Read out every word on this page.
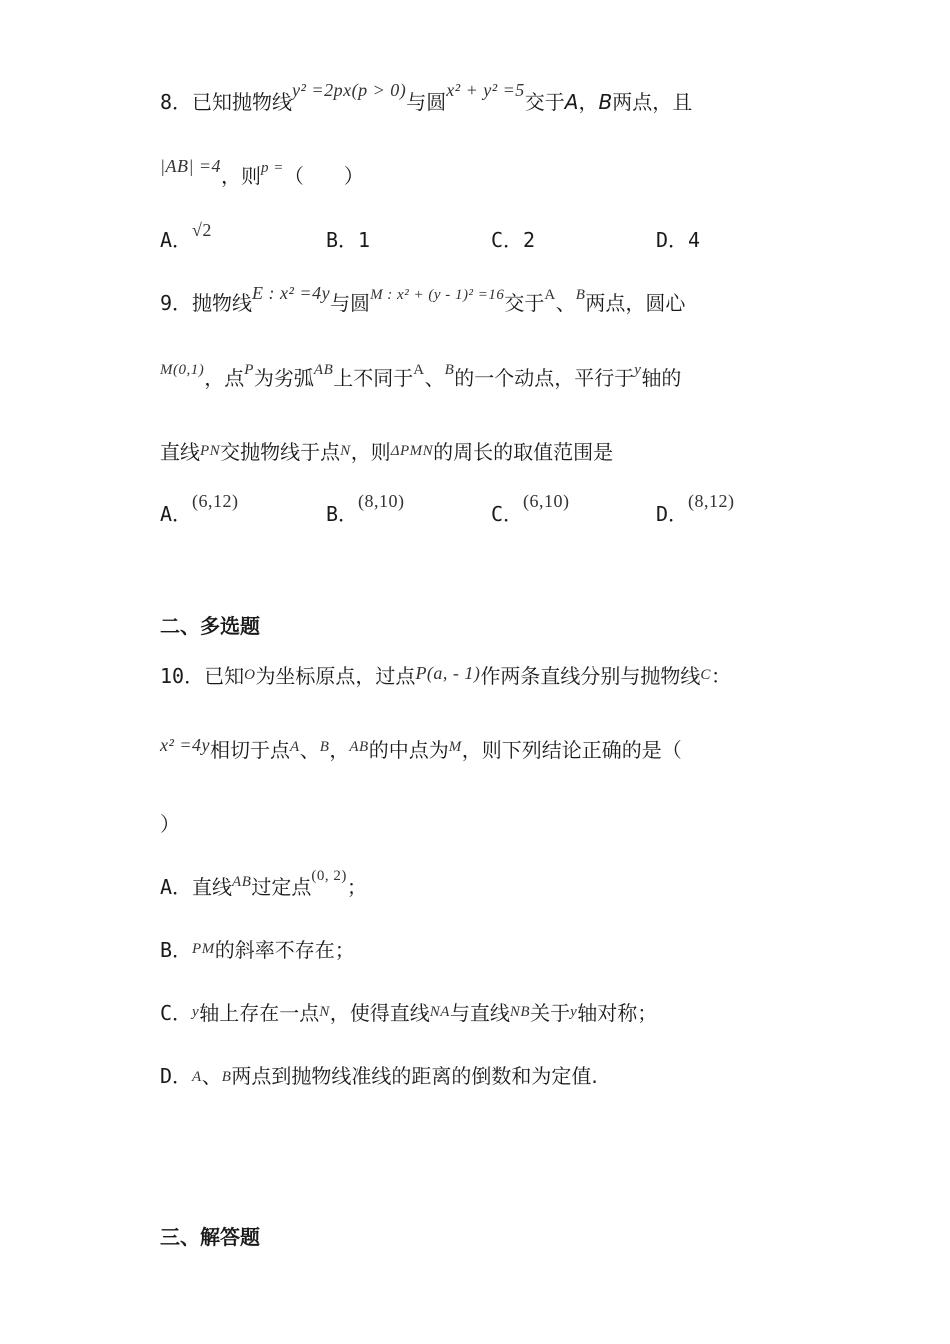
8．已知抛物线y² =2px(p > 0)与圆x² + y² =5交于A，B两点，且
|AB| =4，则p =（　　）
A．√2	B．1	C．2	D．4
9．抛物线E : x² =4y与圆M : x² + (y - 1)² =16交于A、B两点，圆心
M(0,1)，点P为劣弧AB上不同于A、B的一个动点，平行于y轴的
直线PN交抛物线于点N，则ΔPMN的周长的取值范围是
A．(6,12)
B．(8,10)
C．(6,10)
D．(8,12)
二、多选题
10．已知O为坐标原点，过点P(a, - 1)作两条直线分别与抛物线C：
x² =4y相切于点A、B，AB的中点为M，则下列结论正确的是（
）
A．直线AB过定点(0, 2)；
B．PM的斜率不存在；
C．y轴上存在一点N，使得直线NA与直线NB关于y轴对称；
D．A、B两点到抛物线准线的距离的倒数和为定值.
三、解答题
